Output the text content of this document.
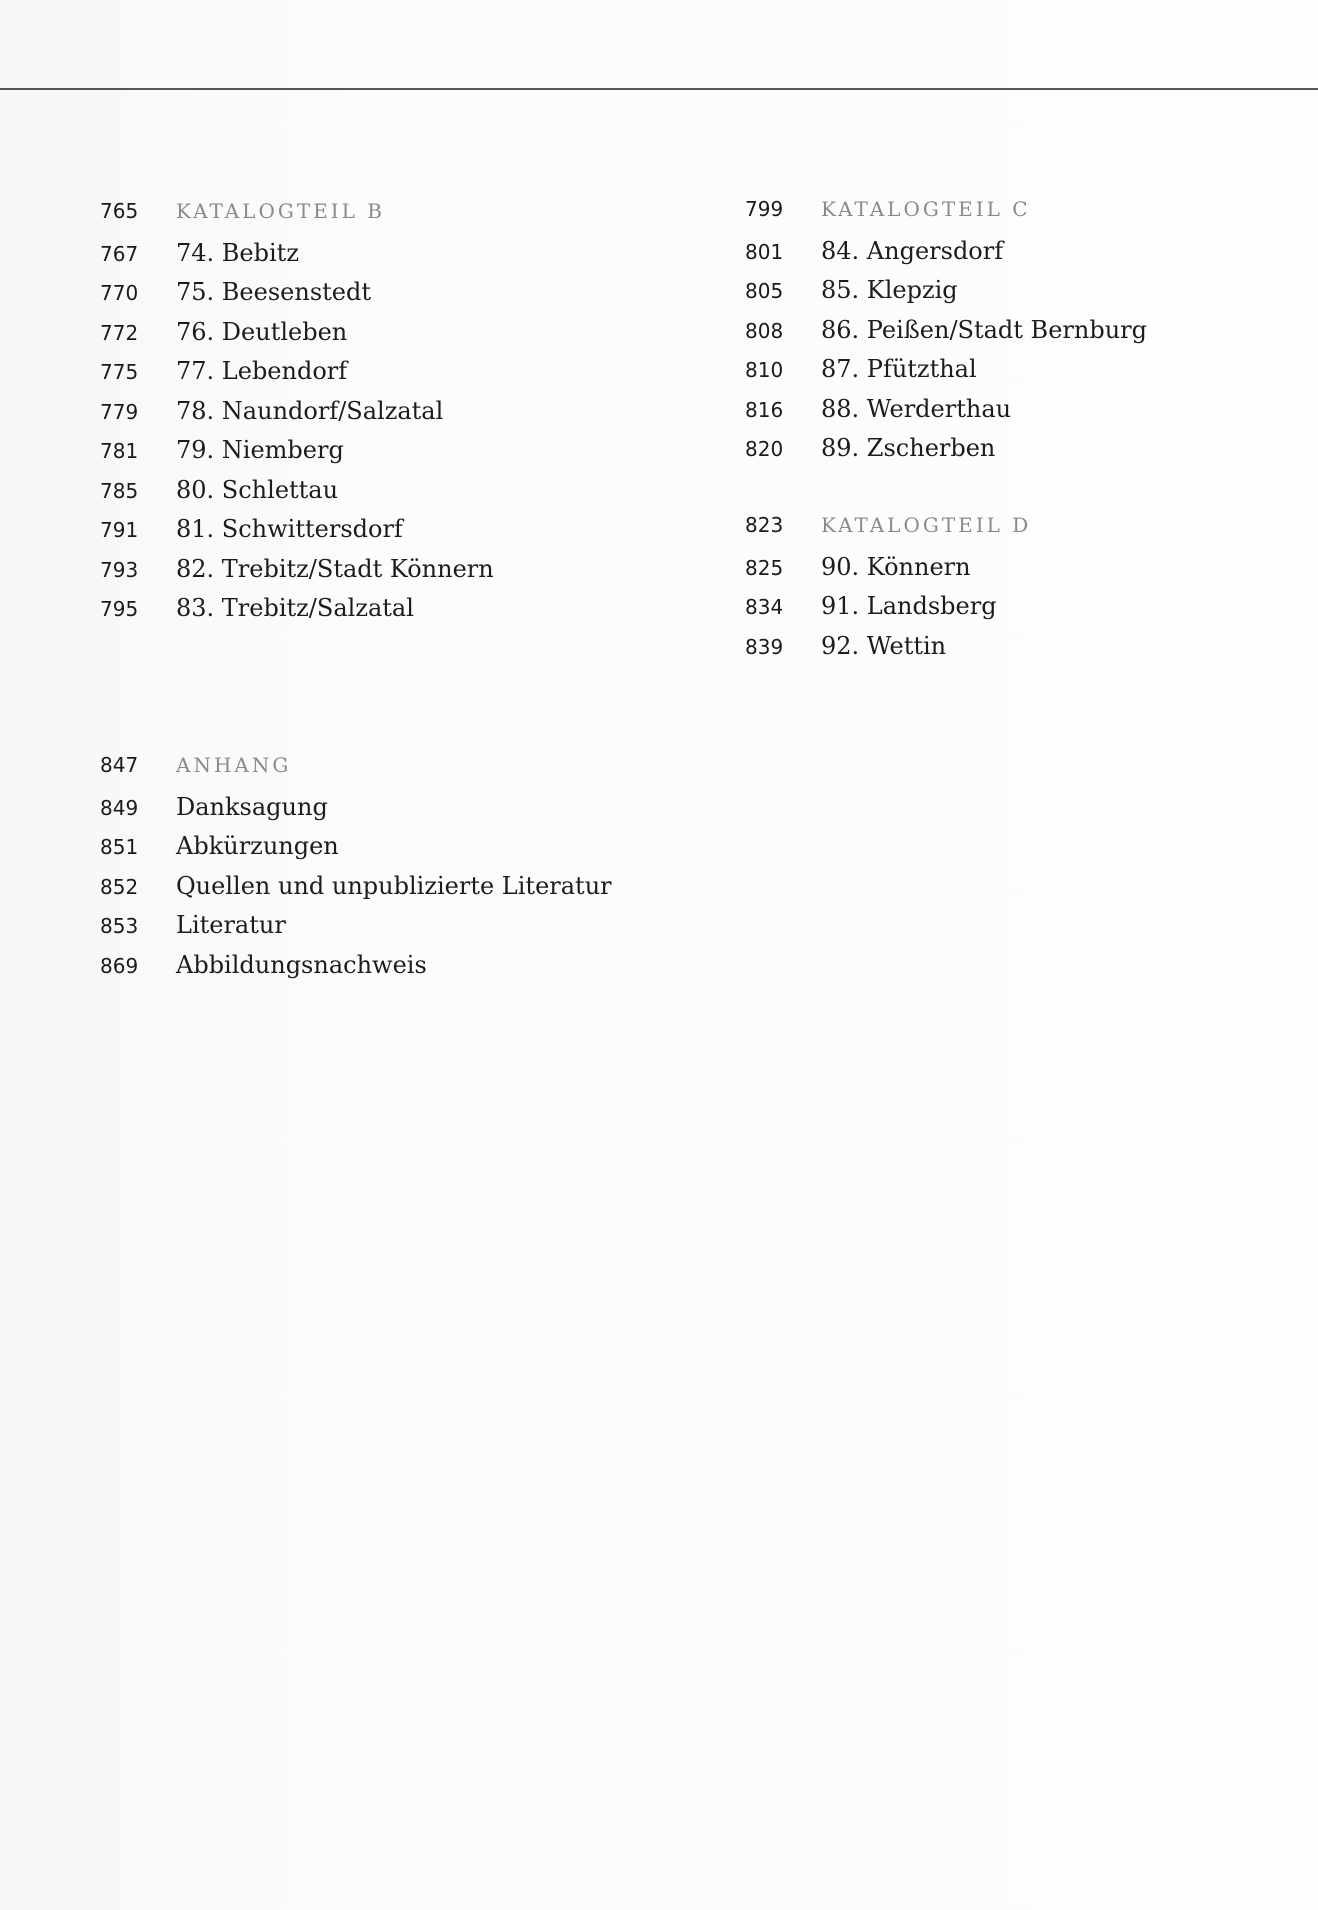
765	KATALOGTEIL B
767	74. Bebitz
770	75. Beesenstedt
772	76. Deutleben
775	77. Lebendorf
779	78. Naundorf/Salzatal
781	79. Niemberg
785	80. Schlettau
791	81. Schwittersdorf
793	82. Trebitz/Stadt Könnern
795	83. Trebitz/Salzatal
799	KATALOGTEIL C
801	84. Angersdorf
805	85. Klepzig
808	86. Peißen/Stadt Bernburg
810	87. Pfützthal
816	88. Werderthau
820	89. Zscherben
823	KATALOGTEIL D
825	90. Könnern
834	91. Landsberg
839	92. Wettin
847	ANHANG
849	Danksagung
851	Abkürzungen
852	Quellen und unpublizierte Literatur
853	Literatur
869	Abbildungsnachweis
